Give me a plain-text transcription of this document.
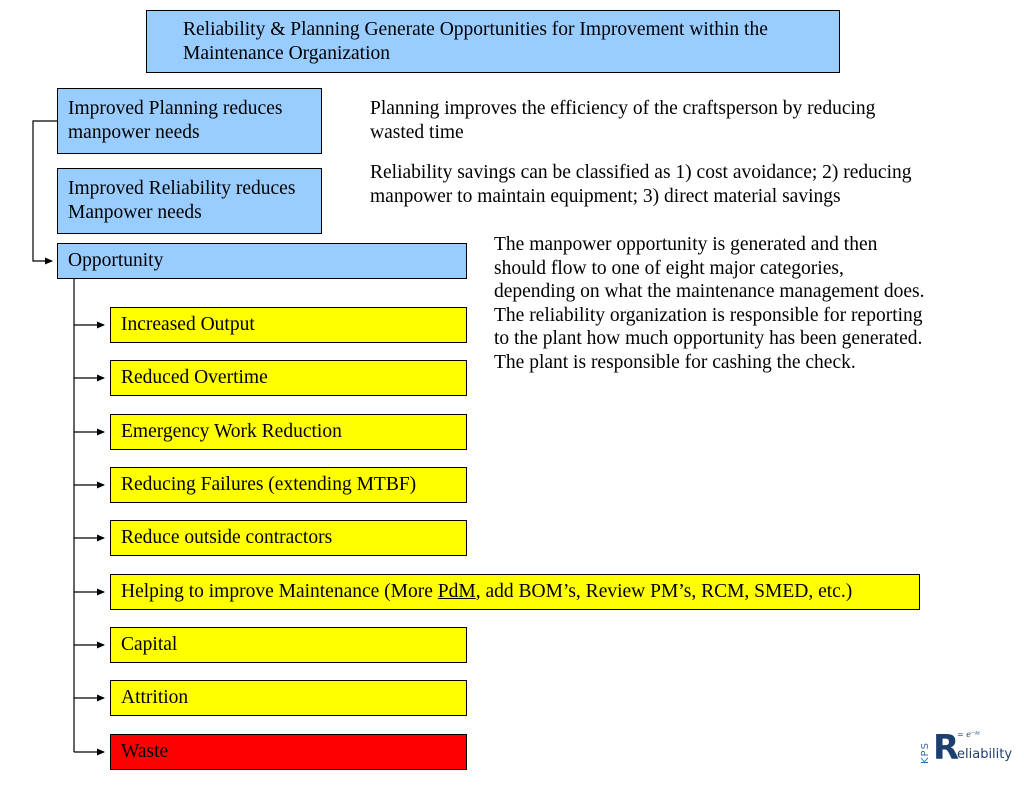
Reliability & Planning Generate Opportunities for Improvement within the
Maintenance Organization
Improved Planning reduces
manpower needs
Improved Reliability reduces
Manpower needs
Opportunity
Increased Output
Reduced Overtime
Emergency Work Reduction
Reducing Failures (extending MTBF)
Reduce outside contractors
Helping to improve Maintenance (More PdM, add BOM’s, Review PM’s, RCM, SMED, etc.)
Capital
Attrition
Waste
Planning improves the efficiency of the craftsperson by reducing
wasted time
Reliability savings can be classified as 1) cost avoidance; 2) reducing
manpower to maintain equipment; 3) direct material savings
The manpower opportunity is generated and then
should flow to one of eight major categories,
depending on what the maintenance management does.
The reliability organization is responsible for reporting
to the plant how much opportunity has been generated.
The plant is responsible for cashing the check.
KPS R
= e⁻ᵏᵗ
eliability
